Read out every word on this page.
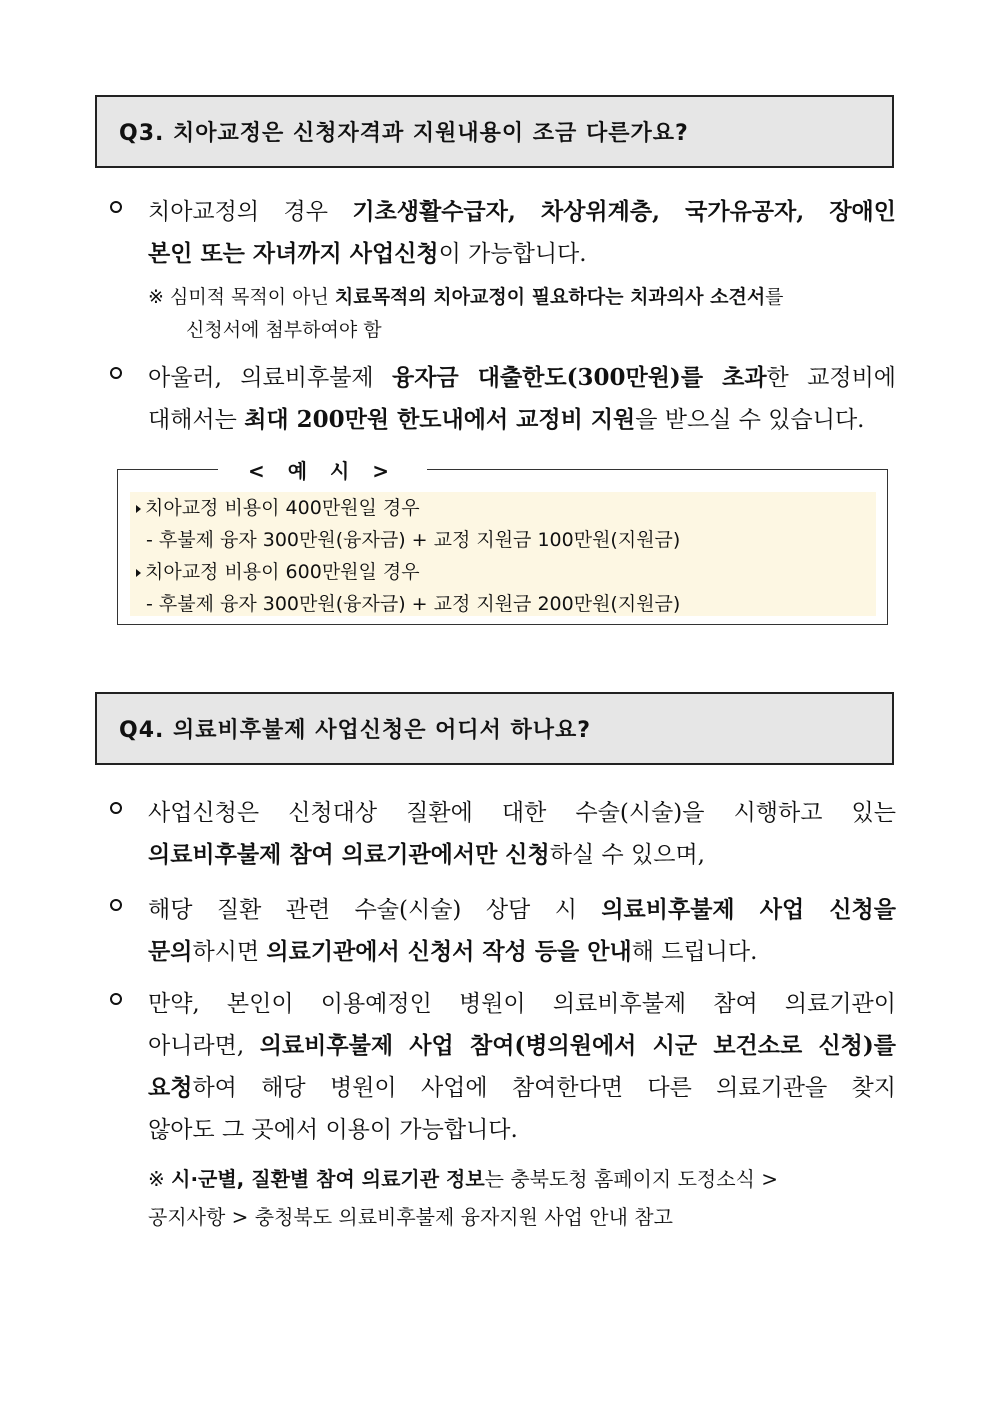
Q3. 치아교정은 신청자격과 지원내용이 조금 다른가요?
치아교정의 경우 기초생활수급자, 차상위계층, 국가유공자, 장애인
본인 또는 자녀까지 사업신청이 가능합니다.
※ 심미적 목적이 아닌 치료목적의 치아교정이 필요하다는 치과의사 소견서를
신청서에 첨부하여야 함
아울러, 의료비후불제 융자금 대출한도(300만원)를 초과한 교정비에
대해서는 최대 200만원 한도내에서 교정비 지원을 받으실 수 있습니다.
< 예 시 >
치아교정 비용이 400만원일 경우
- 후불제 융자 300만원(융자금) + 교정 지원금 100만원(지원금)
치아교정 비용이 600만원일 경우
- 후불제 융자 300만원(융자금) + 교정 지원금 200만원(지원금)
Q4. 의료비후불제 사업신청은 어디서 하나요?
사업신청은 신청대상 질환에 대한 수술(시술)을 시행하고 있는
의료비후불제 참여 의료기관에서만 신청하실 수 있으며,
해당 질환 관련 수술(시술) 상담 시 의료비후불제 사업 신청을
문의하시면 의료기관에서 신청서 작성 등을 안내해 드립니다.
만약, 본인이 이용예정인 병원이 의료비후불제 참여 의료기관이
아니라면, 의료비후불제 사업 참여(병의원에서 시군 보건소로 신청)를
요청하여 해당 병원이 사업에 참여한다면 다른 의료기관을 찾지
않아도 그 곳에서 이용이 가능합니다.
※ 시·군별, 질환별 참여 의료기관 정보는 충북도청 홈페이지 도정소식 >
공지사항 > 충청북도 의료비후불제 융자지원 사업 안내 참고
